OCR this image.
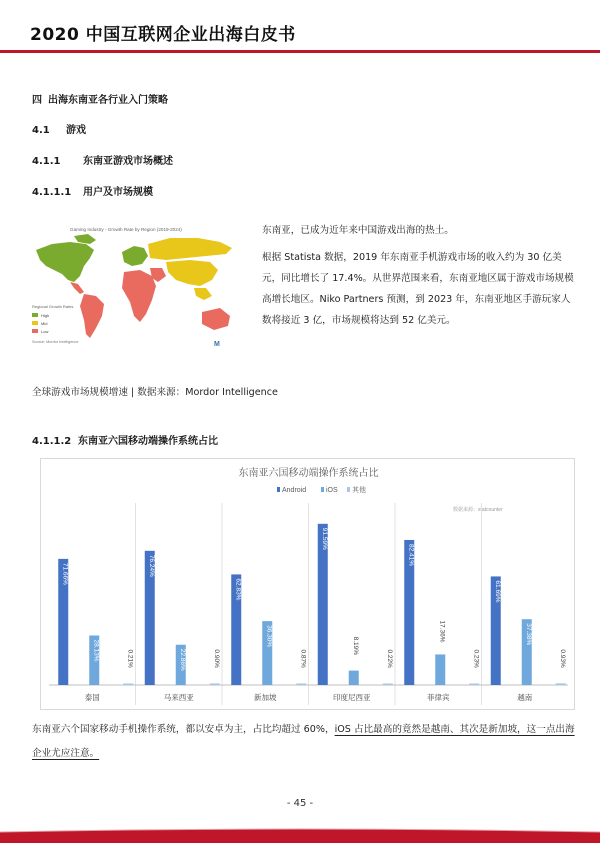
2020 中国互联网企业出海白皮书
四 出海东南亚各行业入门策略
4.1 游戏
4.1.1 东南亚游戏市场概述
4.1.1.1 用户及市场规模
Gaming Industry - Growth Rate by Region (2019-2024)
Regional Growth Rates
High
Mid
Low
Source: Mordor Intelligence	M

东南亚，已成为近年来中国游戏出海的热土。

根据 Statista 数据，2019 年东南亚手机游戏市场的收入约为 30 亿美元，同比增长了 17.4%。从世界范围来看，东南亚地区属于游戏市场规模高增长地区。Niko Partners 预测，到 2023 年，东南亚地区手游玩家人数将接近 3 亿，市场规模将达到 52 亿美元。

全球游戏市场规模增速 | 数据来源：Mordor Intelligence
4.1.1.2 东南亚六国移动端操作系统占比
东南亚六国移动端操作系统占比
Android	iOS 其他
数据来源：statcounter
71.66%
28.13%	0.21%
泰国
76.24%
22.86%	0.90%
马来西亚
62.83%
36.30%
0.87%
新加坡
91.59%
8.19%
0.22%
印度尼西亚
82.41%
17.36%
0.23%
菲律宾
61.69%
37.38%
0.93%
越南
东南亚六个国家移动手机操作系统，都以安卓为主，占比均超过 60%，iOS 占比最高的竟然是越南、其次是新加坡，这一点出海企业尤应注意。
- 45 -
